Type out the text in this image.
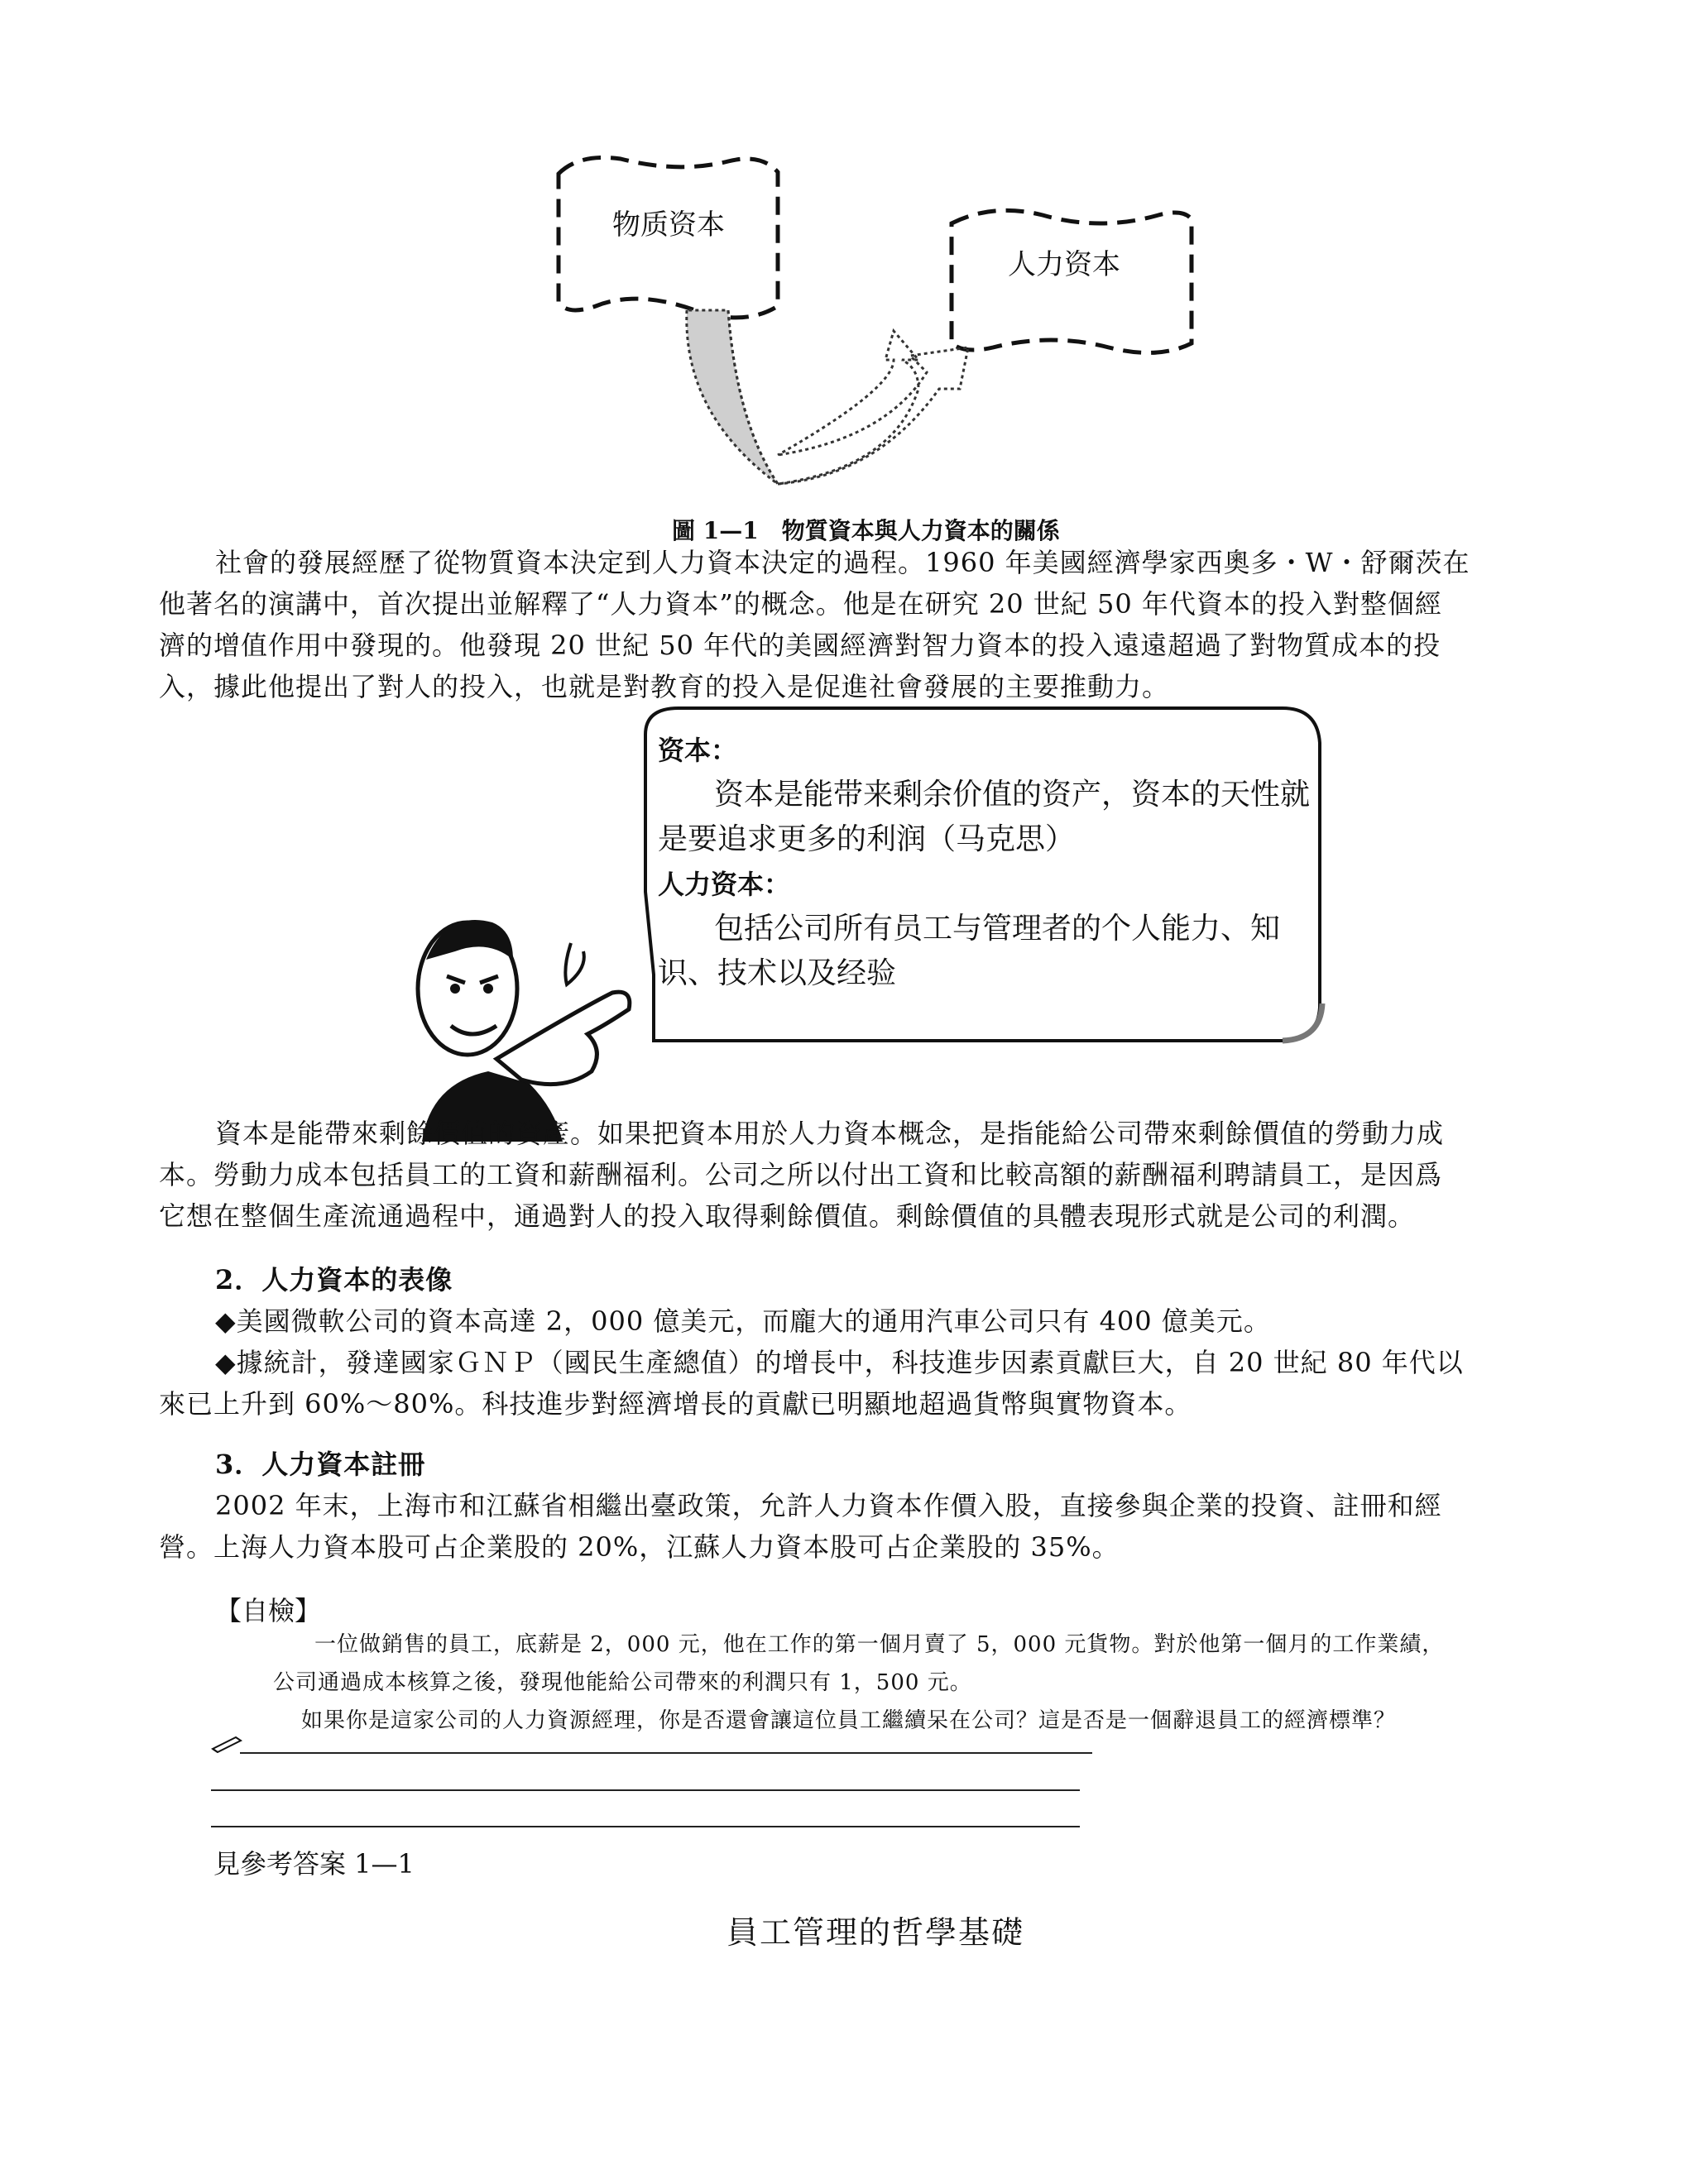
物质资本
人力资本
圖 1—1　物質資本與人力資本的關係
社會的發展經歷了從物質資本決定到人力資本決定的過程。1960 年美國經濟學家西奧多・W・舒爾茨在
他著名的演講中，首次提出並解釋了“人力資本”的概念。他是在研究 20 世紀 50 年代資本的投入對整個經
濟的增值作用中發現的。他發現 20 世紀 50 年代的美國經濟對智力資本的投入遠遠超過了對物質成本的投
入，據此他提出了對人的投入，也就是對教育的投入是促進社會發展的主要推動力。
资本：
资本是能带来剩余价值的资产，资本的天性就
是要追求更多的利润（马克思）
人力资本：
包括公司所有员工与管理者的个人能力、知
识、技术以及经验
資本是能帶來剩餘價值的資產。如果把資本用於人力資本概念，是指能給公司帶來剩餘價值的勞動力成
本。勞動力成本包括員工的工資和薪酬福利。公司之所以付出工資和比較高額的薪酬福利聘請員工，是因爲
它想在整個生產流通過程中，通過對人的投入取得剩餘價值。剩餘價值的具體表現形式就是公司的利潤。
2．人力資本的表像
◆美國微軟公司的資本高達 2，000 億美元，而龐大的通用汽車公司只有 400 億美元。
◆據統計，發達國家ＧＮＰ（國民生產總值）的增長中，科技進步因素貢獻巨大，自 20 世紀 80 年代以
來已上升到 60%～80%。科技進步對經濟增長的貢獻已明顯地超過貨幣與實物資本。
3．人力資本註冊
2002 年末，上海市和江蘇省相繼出臺政策，允許人力資本作價入股，直接參與企業的投資、註冊和經
營。上海人力資本股可占企業股的 20%，江蘇人力資本股可占企業股的 35%。
【自檢】
一位做銷售的員工，底薪是 2，000 元，他在工作的第一個月賣了 5，000 元貨物。對於他第一個月的工作業績，
公司通過成本核算之後，發現他能給公司帶來的利潤只有 1，500 元。
如果你是這家公司的人力資源經理，你是否還會讓這位員工繼續呆在公司？這是否是一個辭退員工的經濟標準？
見參考答案 1—1
員工管理的哲學基礎
